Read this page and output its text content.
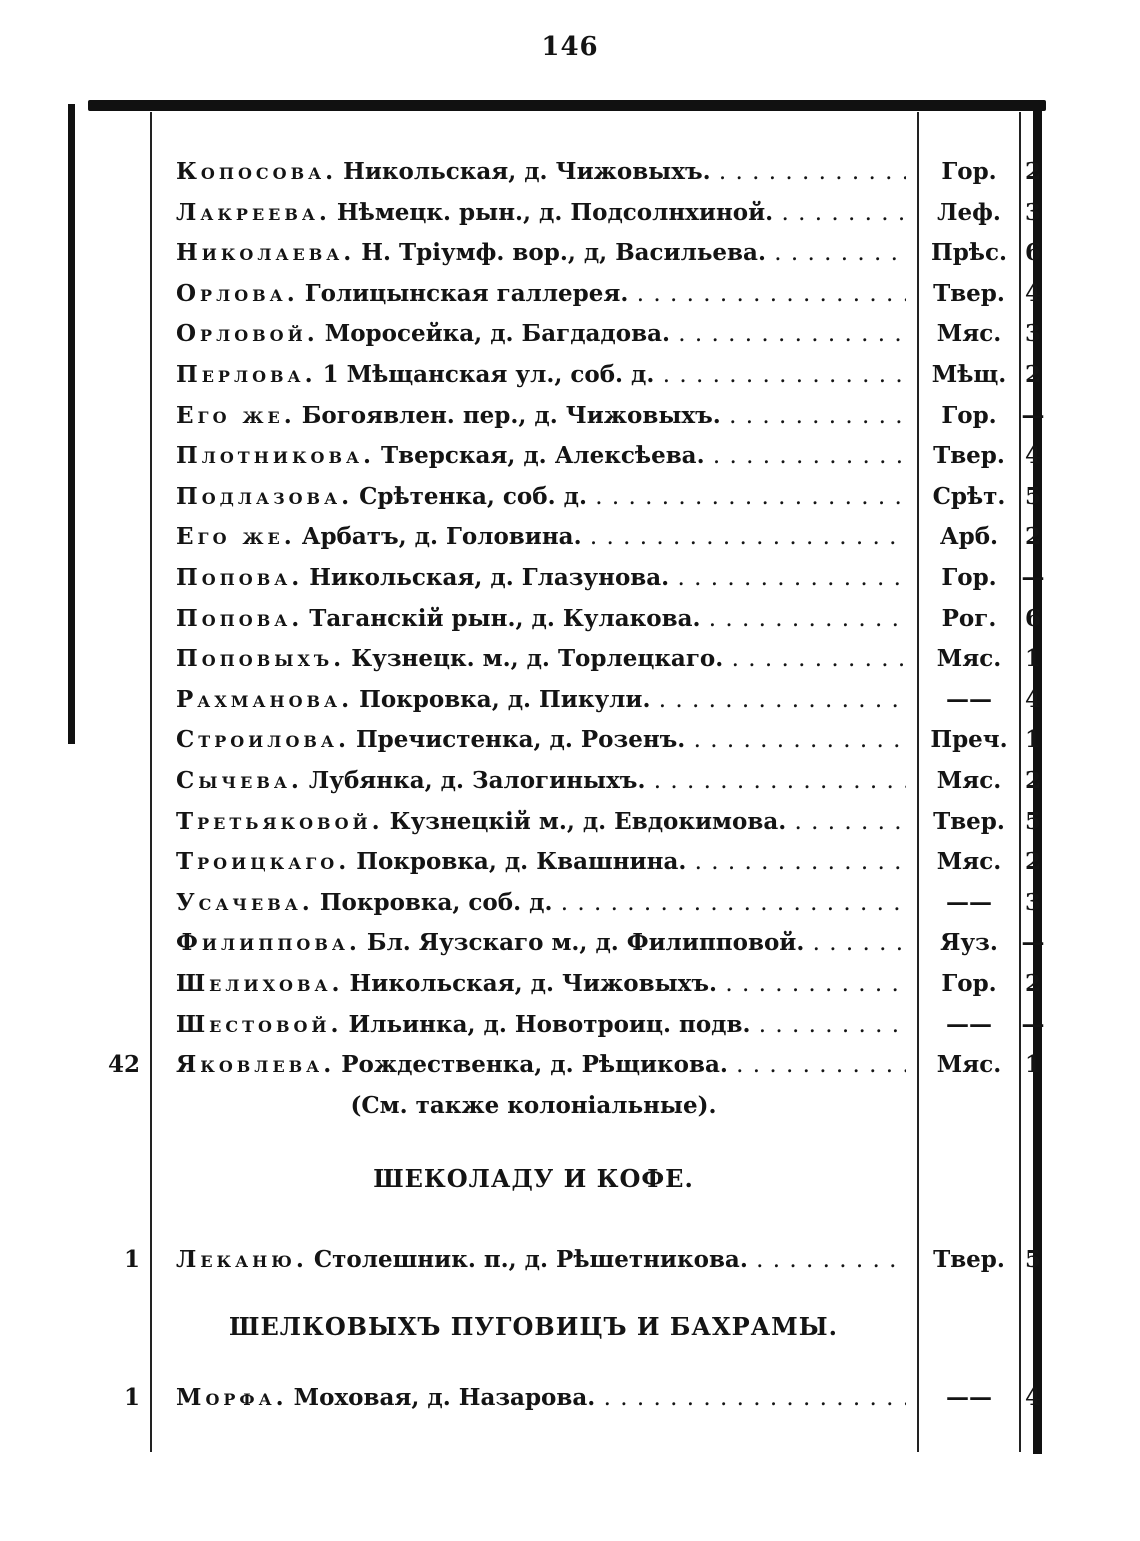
146
Копосова. Никольская, д. Чижовыхъ. . . .	Гор.	2
Лакреева. Нѣмецк. рын., д. Подсолнхиной. . . .	Леф.	3
Николаева. Н. Тріумф. вор., д, Васильева. . . .	Прѣс. 6
Орлова. Голицынская галлерея. . . .	Твер. 4
Орловой. Моросейка, д. Багдадова. . . .	Мяс.	3
Перлова. 1 Мѣщанская ул., соб. д. . . .	Мѣщ. 2
Его же. Богоявлен. пер., д. Чижовыхъ. . . .	Гор.	—
Плотникова. Тверская, д. Алексѣева. . . .	Твер. 4
Подлазова. Срѣтенка, соб. д. . . .	Срѣт. 5
Его же. Арбатъ, д. Головина. . . .	Арб.	2
Попова. Никольская, д. Глазунова. . . .	Гор.	—
Попова. Таганскій рын., д. Кулакова. . . .	Рог.	6
Поповыхъ. Кузнецк. м., д. Торлецкаго. . . .	Мяс.	1
Рахманова. Покровка, д. Пикули. . . .	——	4
Строилова. Пречистенка, д. Розенъ. . . .	Преч. 1
Сычева. Лубянка, д. Залогиныхъ. . . .	Мяс.	2
Третьяковой. Кузнецкій м., д. Евдокимова. . . .	Твер. 5
Троицкаго. Покровка, д. Квашнина. . . .	Мяс.	2
Усачева. Покровка, соб. д. . . .	——	3
Филиппова. Бл. Яузскаго м., д. Филипповой. . . .	Яуз.	—
Шелихова. Никольская, д. Чижовыхъ. . . .	Гор.	2
Шестовой. Ильинка, д. Новотроиц. подв. . . .	——	—
42 Яковлева. Рождественка, д. Рѣщикова. . . .	Мяс.	1
(См. также колоніальные).
ШЕКОЛАДУ И КОФЕ.
1 Леканю. Столешник. п., д. Рѣшетникова. . . .	Твер. 5
ШЕЛКОВЫХЪ ПУГОВИЦЪ И БАХРАМЫ.
1 Морфа. Моховая, д. Назарова. . . .	——	4
